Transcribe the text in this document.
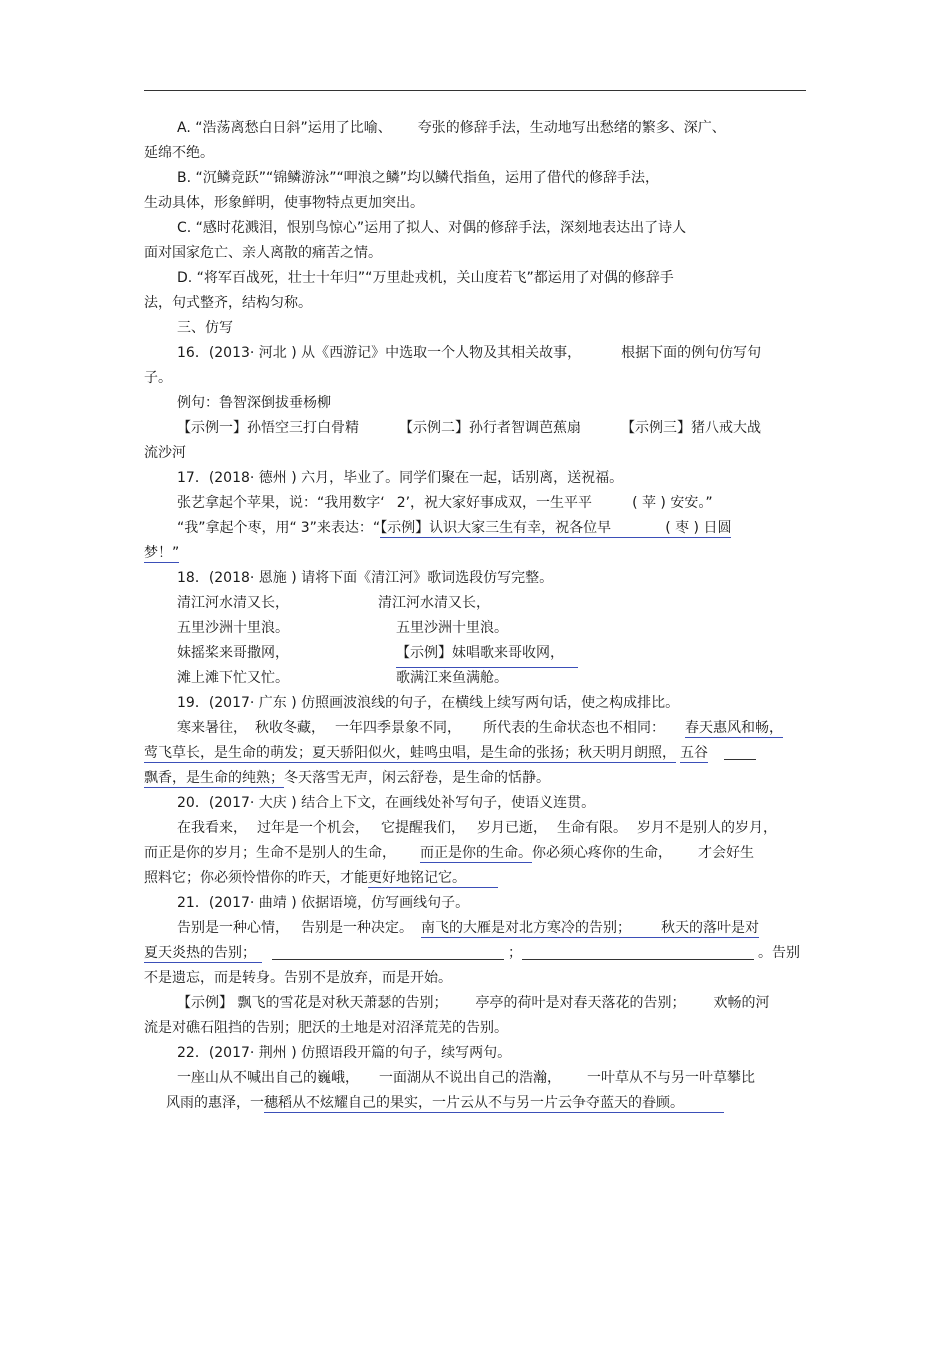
A. “浩荡离愁白日斜”运用了比喻、 夸张的修辞手法，生动地写出愁绪的繁多、深广、
延绵不绝。
B. “沉鳞竞跃”“锦鳞游泳”“呷浪之鳞”均以鳞代指鱼，运用了借代的修辞手法，
生动具体，形象鲜明，使事物特点更加突出。
C. “感时花溅泪，恨别鸟惊心”运用了拟人、对偶的修辞手法，深刻地表达出了诗人
面对国家危亡、亲人离散的痛苦之情。
D. “将军百战死，壮士十年归”“万里赴戎机，关山度若飞”都运用了对偶的修辞手
法，句式整齐，结构匀称。
三、仿写
16．(2013· 河北 ) 从《西游记》中选取一个人物及其相关故事，	根据下面的例句仿写句
子。
例句：鲁智深倒拔垂杨柳
【示例一】孙悟空三打白骨精	【示例二】孙行者智调芭蕉扇	【示例三】猪八戒大战
流沙河
17．(2018· 德州 ) 六月，毕业了。同学们聚在一起，话别离，送祝福。
张艺拿起个苹果，说：“我用数字‘ 2’，祝大家好事成双，一生平平	( 苹 ) 安安。”
“我”拿起个枣，用“ 3”来表达：“【示例】认识大家三生有幸，祝各位早	( 枣 ) 日圆
梦！”
18．(2018· 恩施 ) 请将下面《清江河》歌词选段仿写完整。
清江河水清又长，	清江河水清又长，
五里沙洲十里浪。	五里沙洲十里浪。
妹摇桨来哥撒网，	【示例】妹唱歌来哥收网，
滩上滩下忙又忙。	歌满江来鱼满舱。
19．(2017· 广东 ) 仿照画波浪线的句子，在横线上续写两句话，使之构成排比。
寒来暑往， 秋收冬藏， 一年四季景象不同， 所代表的生命状态也不相同： 春天惠风和畅，
莺飞草长，是生命的萌发；夏天骄阳似火，蛙鸣虫唱，是生命的张扬；秋天明月朗照， 五谷
飘香，是生命的纯熟；冬天落雪无声，闲云舒卷，是生命的恬静。
20．(2017· 大庆 ) 结合上下文，在画线处补写句子，使语义连贯。
在我看来， 过年是一个机会， 它提醒我们， 岁月已逝， 生命有限。 岁月不是别人的岁月，
而正是你的岁月；生命不是别人的生命， 而正是你的生命。你必须心疼你的生命， 才会好生
照料它；你必须怜惜你的昨天，才能更好地铭记它。
21．(2017· 曲靖 ) 依据语境，仿写画线句子。
告别是一种心情， 告别是一种决定。 南飞的大雁是对北方寒冷的告别； 秋天的落叶是对
夏天炎热的告别；	；	。告别
不是遗忘，而是转身。告别不是放弃，而是开始。
【示例】 飘飞的雪花是对秋天萧瑟的告别； 亭亭的荷叶是对春天落花的告别； 欢畅的河
流是对礁石阻挡的告别；肥沃的土地是对沼泽荒芜的告别。
22．(2017· 荆州 ) 仿照语段开篇的句子，续写两句。
一座山从不喊出自己的巍峨， 一面湖从不说出自己的浩瀚， 一叶草从不与另一叶草攀比
风雨的惠泽，一穗稻从不炫耀自己的果实，一片云从不与另一片云争夺蓝天的眷顾。
